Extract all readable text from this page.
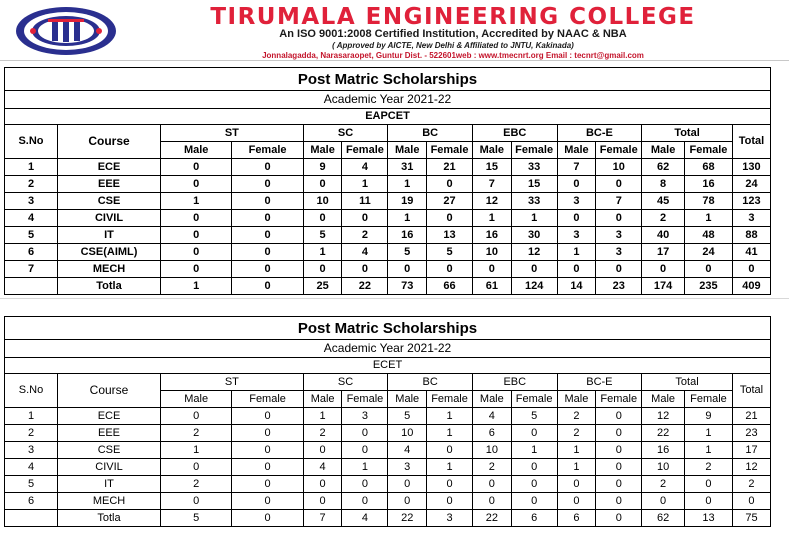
TIRUMALA ENGINEERING COLLEGE
An ISO 9001:2008 Certified Institution, Accredited by NAAC & NBA
( Approved by AICTE, New Delhi & Affiliated to JNTU, Kakinada)
Jonnalagadda, Narasaraopet, Guntur Dist. - 522601web : www.tmecnrt.org Email : tecnrt@gmail.com
Post Matric Scholarships														
Academic Year 2021-22														
EAPCET														
S.No	Course	ST		SC		BC		EBC		BC-E		Total		Total
		Male	Female	Male	Female	Male	Female	Male	Female	Male	Female	Male	Female	
1	ECE	0	0	9	4	31	21	15	33	7	10	62	68	130
2	EEE	0	0	0	1	1	0	7	15	0	0	8	16	24
3	CSE	1	0	10	11	19	27	12	33	3	7	45	78	123
4	CIVIL	0	0	0	0	1	0	1	1	0	0	2	1	3
5	IT	0	0	5	2	16	13	16	30	3	3	40	48	88
6	CSE(AIML)	0	0	1	4	5	5	10	12	1	3	17	24	41
7	MECH	0	0	0	0	0	0	0	0	0	0	0	0	0
	Totla	1	0	25	22	73	66	61	124	14	23	174	235	409
Post Matric Scholarships														
Academic Year 2021-22														
ECET														
S.No	Course	ST		SC		BC		EBC		BC-E		Total		Total
		Male	Female	Male	Female	Male	Female	Male	Female	Male	Female	Male	Female	
1	ECE	0	0	1	3	5	1	4	5	2	0	12	9	21
2	EEE	2	0	2	0	10	1	6	0	2	0	22	1	23
3	CSE	1	0	0	0	4	0	10	1	1	0	16	1	17
4	CIVIL	0	0	4	1	3	1	2	0	1	0	10	2	12
5	IT	2	0	0	0	0	0	0	0	0	0	2	0	2
6	MECH	0	0	0	0	0	0	0	0	0	0	0	0	0
	Totla	5	0	7	4	22	3	22	6	6	0	62	13	75
